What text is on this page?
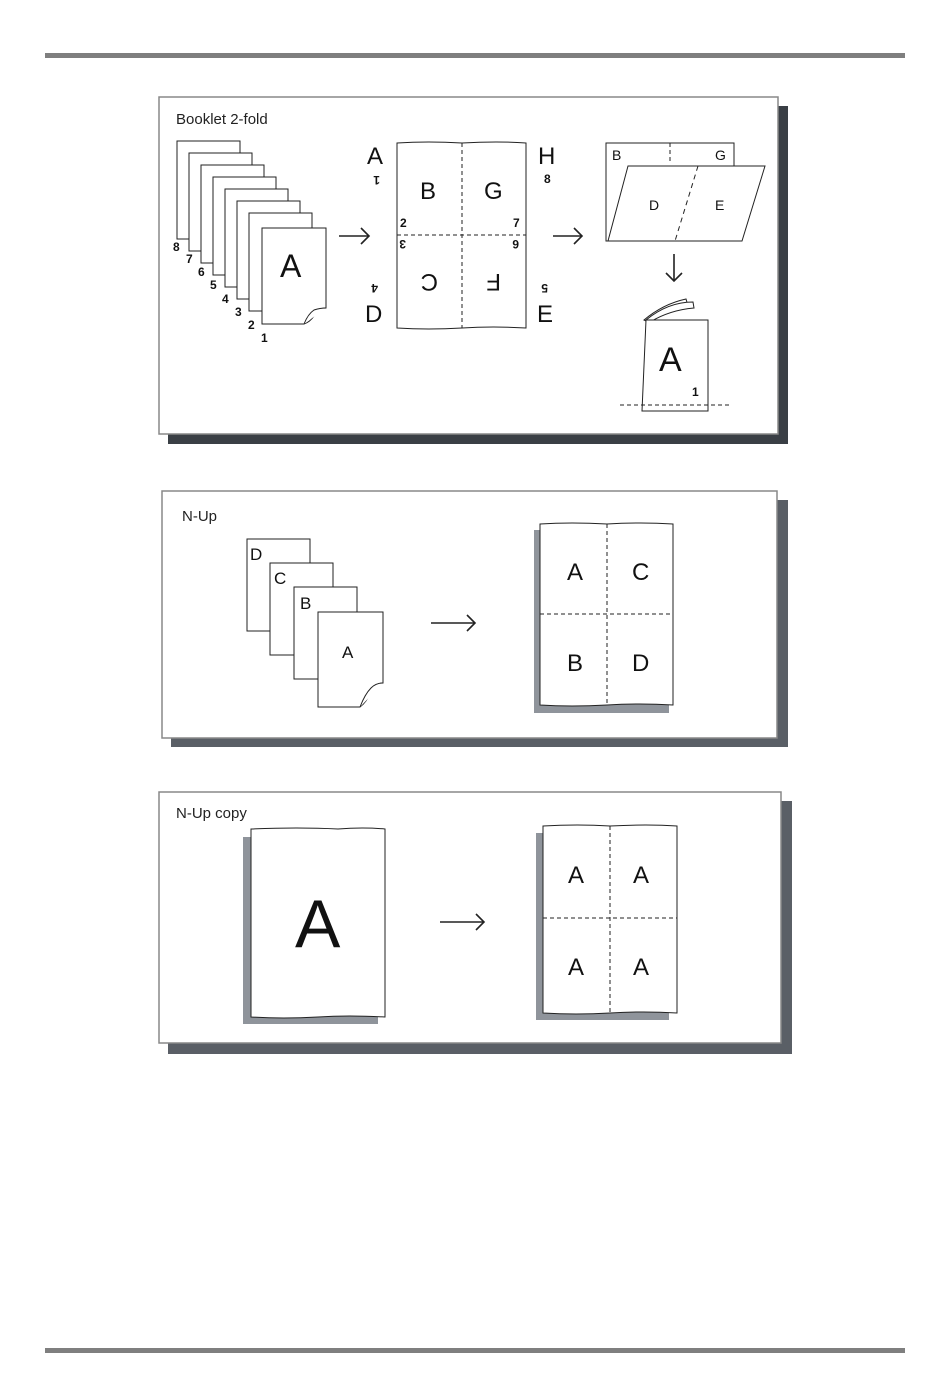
Booklet 2-fold
A
1
2
3
4
5
6
7
8
A	H
D	E
B G
C F
1	8
4	5
2	7
3	6
B	G
D	E
A
1
N-Up
D
C
B
A
A C
B D
N-Up copy
A
A A
A A
